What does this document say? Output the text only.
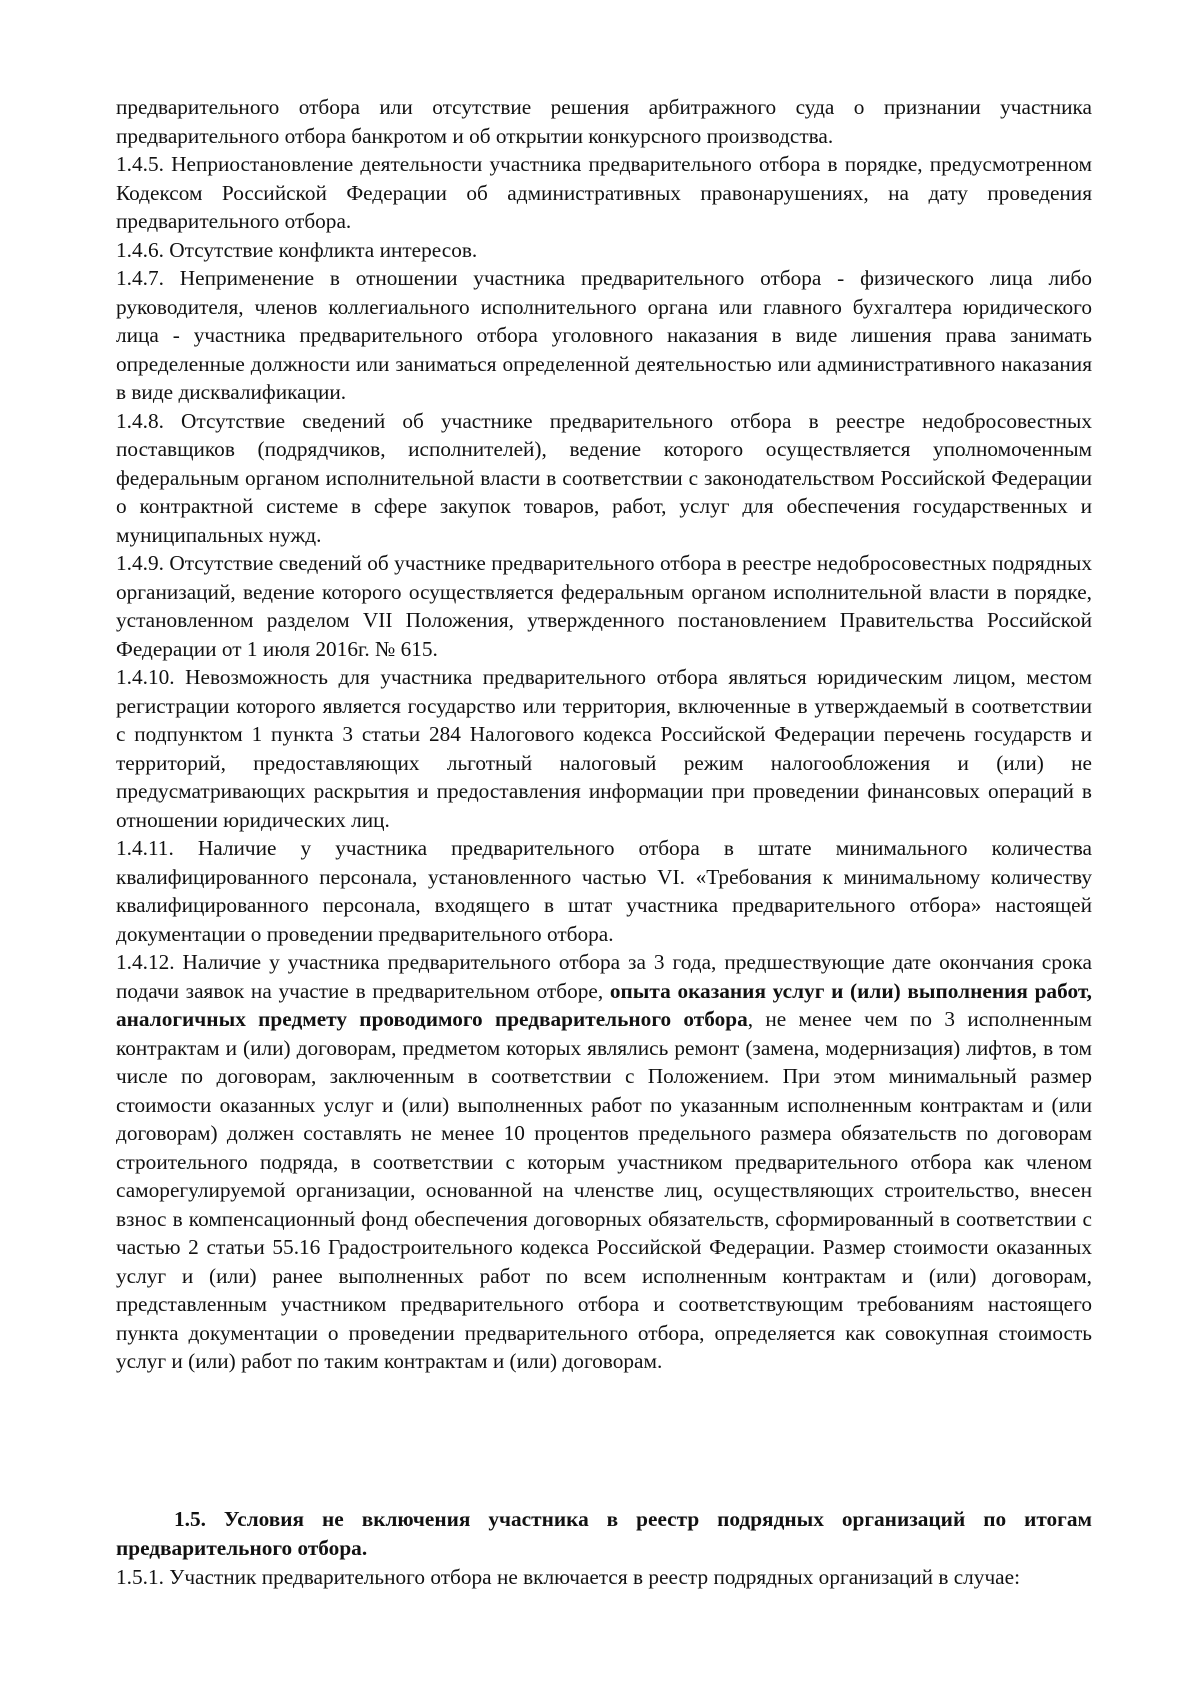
предварительного отбора или отсутствие решения арбитражного суда о признании участника предварительного отбора банкротом и об открытии конкурсного производства.

1.4.5. Неприостановление деятельности участника предварительного отбора в порядке, предусмотренном Кодексом Российской Федерации об административных правонарушениях, на дату проведения предварительного отбора.

1.4.6. Отсутствие конфликта интересов.

1.4.7. Неприменение в отношении участника предварительного отбора - физического лица либо руководителя, членов коллегиального исполнительного органа или главного бухгалтера юридического лица - участника предварительного отбора уголовного наказания в виде лишения права занимать определенные должности или заниматься определенной деятельностью или административного наказания в виде дисквалификации.

1.4.8. Отсутствие сведений об участнике предварительного отбора в реестре недобросовестных поставщиков (подрядчиков, исполнителей), ведение которого осуществляется уполномоченным федеральным органом исполнительной власти в соответствии с законодательством Российской Федерации о контрактной системе в сфере закупок товаров, работ, услуг для обеспечения государственных и муниципальных нужд.

1.4.9. Отсутствие сведений об участнике предварительного отбора в реестре недобросовестных подрядных организаций, ведение которого осуществляется федеральным органом исполнительной власти в порядке, установленном разделом VII Положения, утвержденного постановлением Правительства Российской Федерации от 1 июля 2016г. № 615.

1.4.10. Невозможность для участника предварительного отбора являться юридическим лицом, местом регистрации которого является государство или территория, включенные в утверждаемый в соответствии с подпунктом 1 пункта 3 статьи 284 Налогового кодекса Российской Федерации перечень государств и территорий, предоставляющих льготный налоговый режим налогообложения и (или) не предусматривающих раскрытия и предоставления информации при проведении финансовых операций в отношении юридических лиц.

1.4.11. Наличие у участника предварительного отбора в штате минимального количества квалифицированного персонала, установленного частью VI. «Требования к минимальному количеству квалифицированного персонала, входящего в штат участника предварительного отбора» настоящей документации о проведении предварительного отбора.

1.4.12. Наличие у участника предварительного отбора за 3 года, предшествующие дате окончания срока подачи заявок на участие в предварительном отборе, опыта оказания услуг и (или) выполнения работ, аналогичных предмету проводимого предварительного отбора, не менее чем по 3 исполненным контрактам и (или) договорам, предметом которых являлись ремонт (замена, модернизация) лифтов, в том числе по договорам, заключенным в соответствии с Положением. При этом минимальный размер стоимости оказанных услуг и (или) выполненных работ по указанным исполненным контрактам и (или договорам) должен составлять не менее 10 процентов предельного размера обязательств по договорам строительного подряда, в соответствии с которым участником предварительного отбора как членом саморегулируемой организации, основанной на членстве лиц, осуществляющих строительство, внесен взнос в компенсационный фонд обеспечения договорных обязательств, сформированный в соответствии с частью 2 статьи 55.16 Градостроительного кодекса Российской Федерации. Размер стоимости оказанных услуг и (или) ранее выполненных работ по всем исполненным контрактам и (или) договорам, представленным участником предварительного отбора и соответствующим требованиям настоящего пункта документации о проведении предварительного отбора, определяется как совокупная стоимость услуг и (или) работ по таким контрактам и (или) договорам.

1.5. Условия не включения участника в реестр подрядных организаций по итогам предварительного отбора.

1.5.1. Участник предварительного отбора не включается в реестр подрядных организаций в случае:
